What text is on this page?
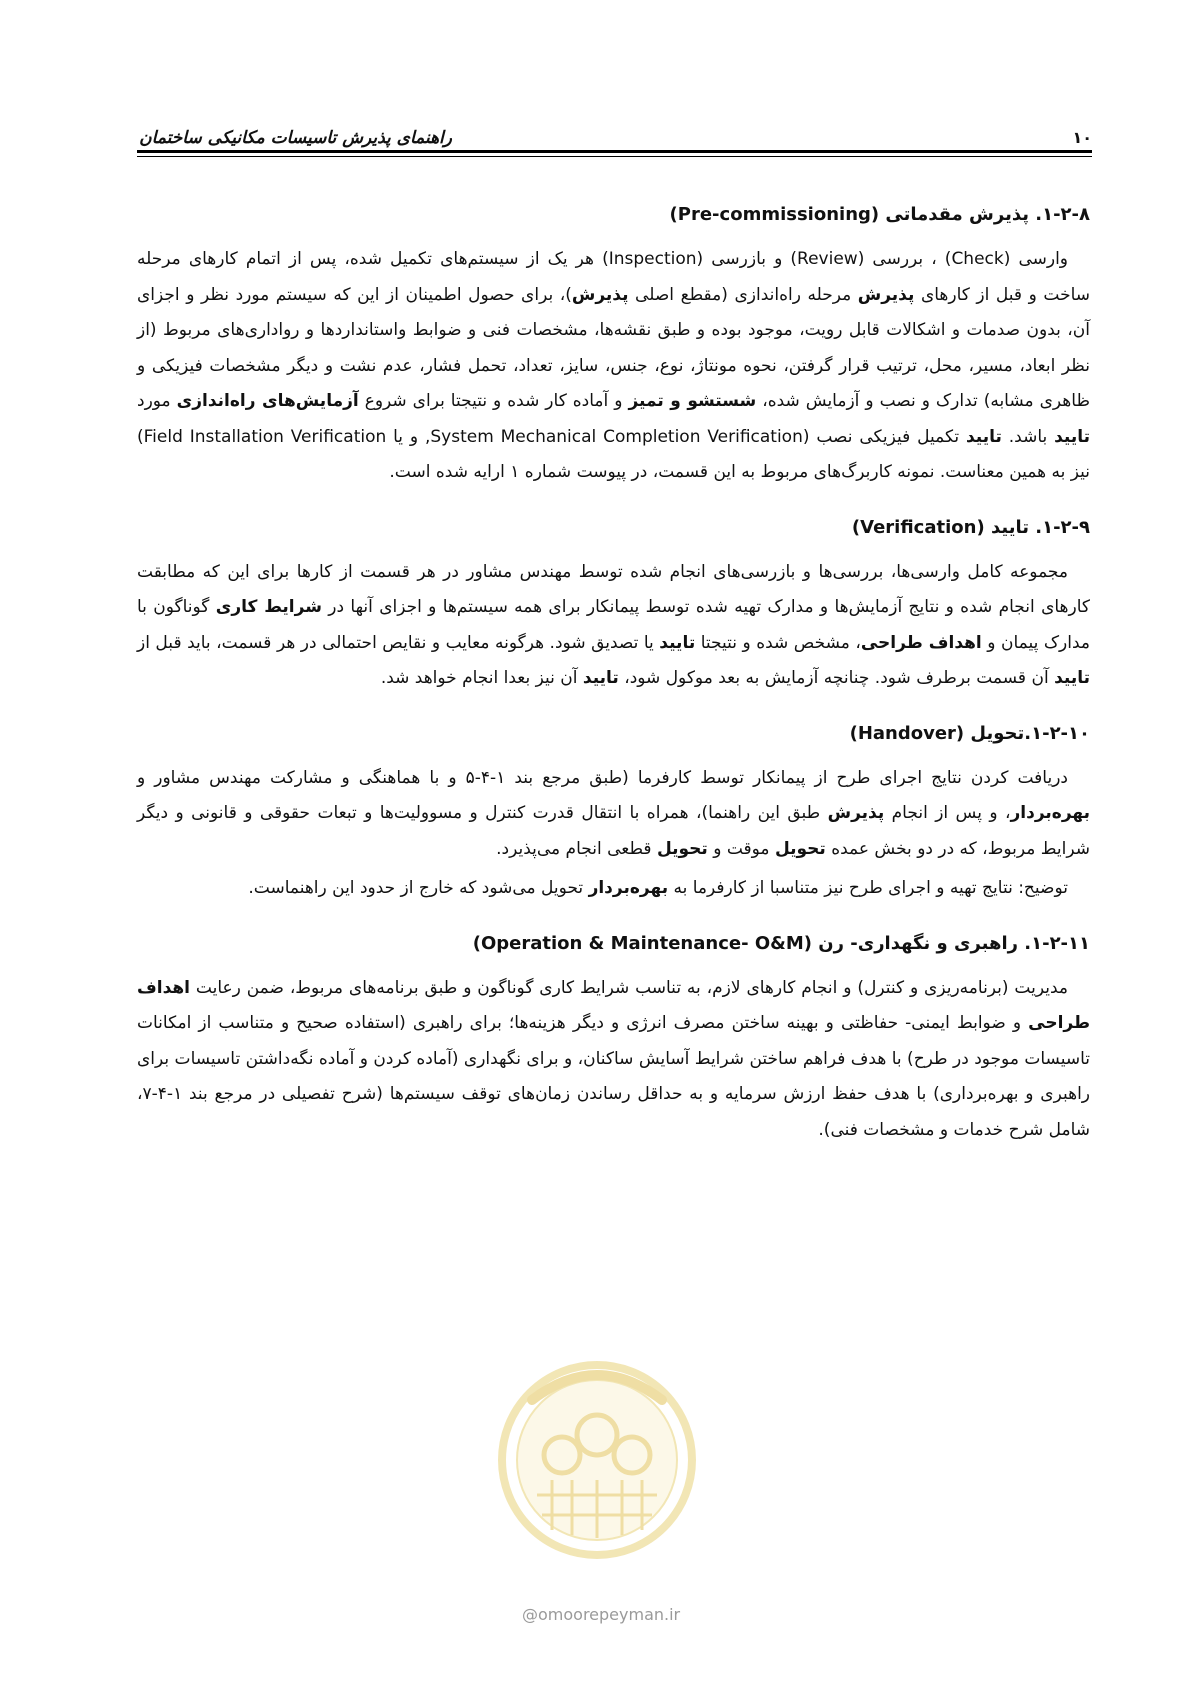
۱۰
راهنمای پذیرش تاسیسات مکانیکی ساختمان
۱-۲-۸. پذیرش مقدماتی (Pre-commissioning)

وارسی (Check) ، بررسی (Review) و بازرسی (Inspection) هر یک از سیستم‌های تکمیل شده، پس از اتمام کارهای مرحله ساخت و قبل از کارهای پذیرش مرحله راه‌اندازی (مقطع اصلی پذیرش)، برای حصول اطمینان از این که سیستم مورد نظر و اجزای آن، بدون صدمات و اشکالات قابل رویت، موجود بوده و طبق نقشه‌ها، مشخصات فنی و ضوابط واستانداردها و رواداری‌های مربوط (از نظر ابعاد، مسیر، محل، ترتیب قرار گرفتن، نحوه مونتاژ، نوع، جنس، سایز، تعداد، تحمل فشار، عدم نشت و دیگر مشخصات فیزیکی و ظاهری مشابه) تدارک و نصب و آزمایش شده، شستشو و تمیز و آماده کار شده و نتیجتا برای شروع آزمایش‌های راه‌اندازی مورد تایید باشد. تایید تکمیل فیزیکی نصب (System Mechanical Completion Verification, و یا Field Installation Verification) نیز به همین معناست. نمونه کاربرگ‌های مربوط به این قسمت، در پیوست شماره ۱ ارایه شده است.

۱-۲-۹. تایید (Verification)

مجموعه کامل وارسی‌ها، بررسی‌ها و بازرسی‌های انجام شده توسط مهندس مشاور در هر قسمت از کارها برای این که مطابقت کارهای انجام شده و نتایج آزمایش‌ها و مدارک تهیه شده توسط پیمانکار برای همه سیستم‌ها و اجزای آنها در شرایط کاری گوناگون با مدارک پیمان و اهداف طراحی، مشخص شده و نتیجتا تایید یا تصدیق شود. هرگونه معایب و نقایص احتمالی در هر قسمت، باید قبل از تایید آن قسمت برطرف شود. چنانچه آزمایش به بعد موکول شود، تایید آن نیز بعدا انجام خواهد شد.

۱-۲-۱۰.تحویل (Handover)

دریافت کردن نتایج اجرای طرح از پیمانکار توسط کارفرما (طبق مرجع بند ۱-۴-۵ و با هماهنگی و مشارکت مهندس مشاور و بهره‌بردار، و پس از انجام پذیرش طبق این راهنما)، همراه با انتقال قدرت کنترل و مسوولیت‌ها و تبعات حقوقی و قانونی و دیگر شرایط مربوط، که در دو بخش عمده تحویل موقت و تحویل قطعی انجام می‌پذیرد.

توضیح: نتایج تهیه و اجرای طرح نیز متناسبا از کارفرما به بهره‌بردار تحویل می‌شود که خارج از حدود این راهنماست.

۱-۲-۱۱. راهبری و نگهداری- رن (Operation & Maintenance- O&M)

مدیریت (برنامه‌ریزی و کنترل) و انجام کارهای لازم، به تناسب شرایط کاری گوناگون و طبق برنامه‌های مربوط، ضمن رعایت اهداف طراحی و ضوابط ایمنی- حفاظتی و بهینه ساختن مصرف انرژی و دیگر هزینه‌ها؛ برای راهبری (استفاده صحیح و متناسب از امکانات تاسیسات موجود در طرح) با هدف فراهم ساختن شرایط آسایش ساکنان، و برای نگهداری (آماده کردن و آماده نگه‌داشتن تاسیسات برای راهبری و بهره‌برداری) با هدف حفظ ارزش سرمایه و به حداقل رساندن زمان‌های توقف سیستم‌ها (شرح تفصیلی در مرجع بند ۱-۴-۷، شامل شرح خدمات و مشخصات فنی).

@omoorepeyman.ir
